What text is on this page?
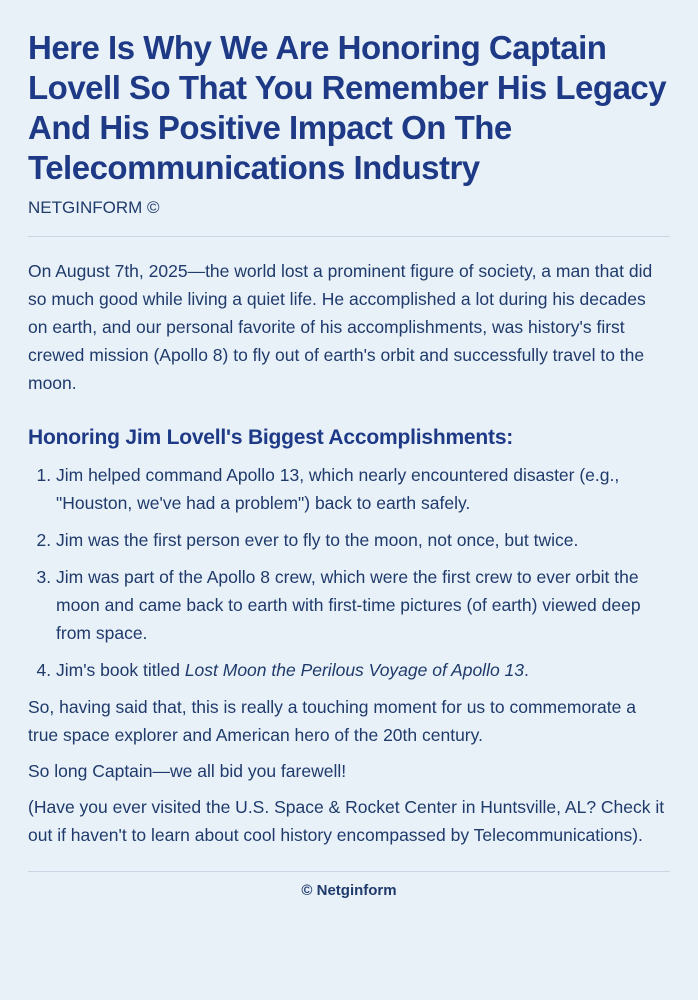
Here Is Why We Are Honoring Captain Lovell So That You Remember His Legacy And His Positive Impact On The Telecommunications Industry
NETGINFORM ©

On August 7th, 2025—the world lost a prominent figure of society, a man that did so much good while living a quiet life. He accomplished a lot during his decades on earth, and our personal favorite of his accomplishments, was history's first crewed mission (Apollo 8) to fly out of earth's orbit and successfully travel to the moon.

Honoring Jim Lovell's Biggest Accomplishments:
1. Jim helped command Apollo 13, which nearly encountered disaster (e.g., "Houston, we've had a problem") back to earth safely.
2. Jim was the first person ever to fly to the moon, not once, but twice.
3. Jim was part of the Apollo 8 crew, which were the first crew to ever orbit the moon and came back to earth with first-time pictures (of earth) viewed deep from space.
4. Jim's book titled Lost Moon the Perilous Voyage of Apollo 13.

So, having said that, this is really a touching moment for us to commemorate a true space explorer and American hero of the 20th century.

So long Captain—we all bid you farewell!

(Have you ever visited the U.S. Space & Rocket Center in Huntsville, AL? Check it out if haven't to learn about cool history encompassed by Telecommunications).

© Netginform
